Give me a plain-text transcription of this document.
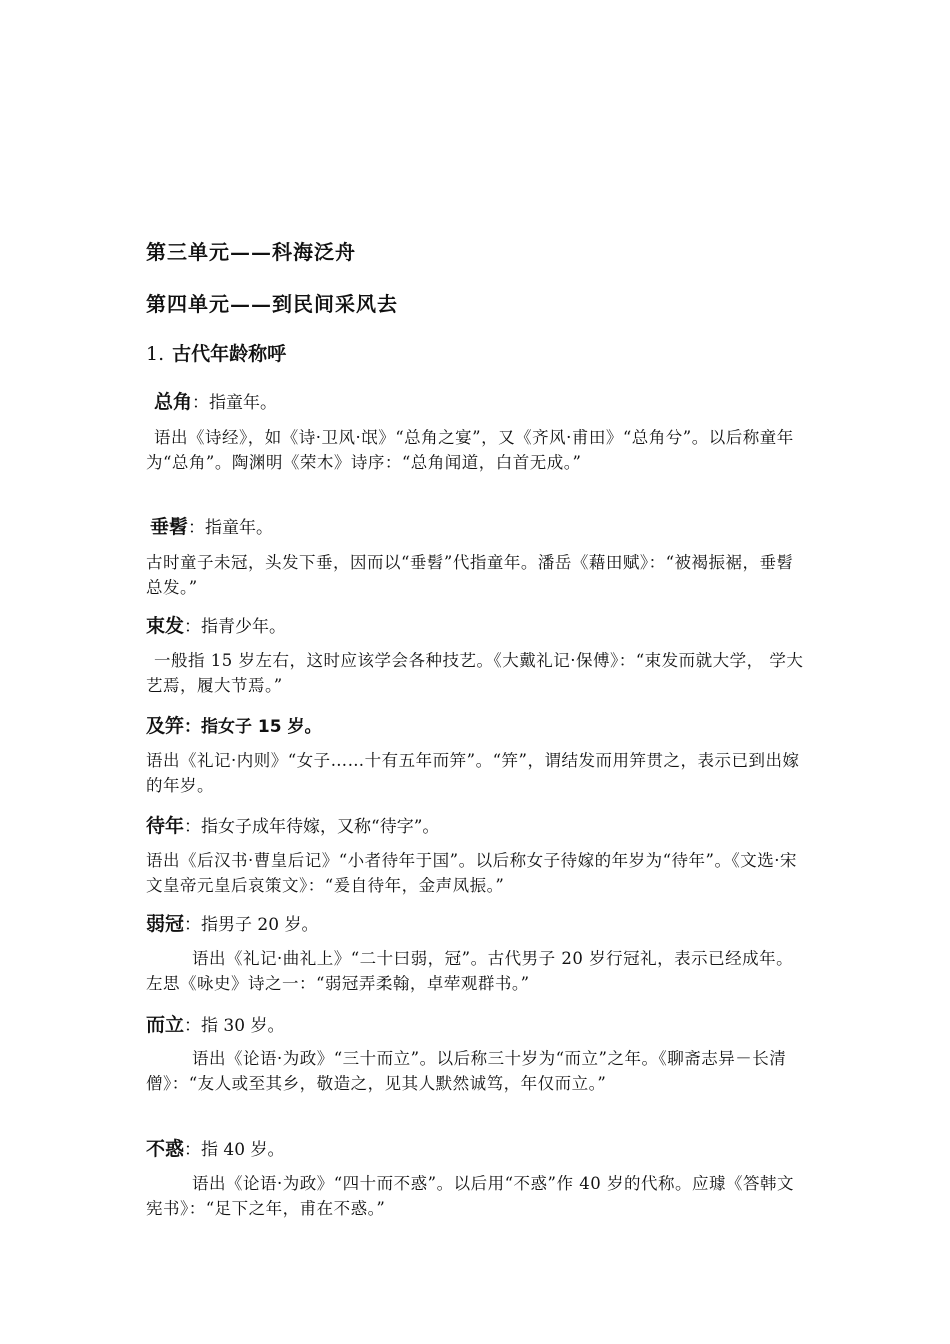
第三单元——科海泛舟
第四单元——到民间采风去
1. 古代年龄称呼
总角：指童年。

语出《诗经》，如《诗·卫风·氓》“总角之宴”，又《齐风·甫田》“总角兮”。以后称童年为“总角”。陶渊明《荣木》诗序：“总角闻道，白首无成。”

垂髫：指童年。

古时童子未冠，头发下垂，因而以“垂髫”代指童年。潘岳《藉田赋》：“被褐振裾，垂髫总发。”

束发：指青少年。

一般指 15 岁左右，这时应该学会各种技艺。《大戴礼记·保傅》：“束发而就大学， 学大艺焉，履大节焉。”

及笄：指女子 15 岁。

语出《礼记·内则》“女子……十有五年而笄”。“笄”，谓结发而用笄贯之，表示已到出嫁的年岁。

待年：指女子成年待嫁，又称“待字”。

语出《后汉书·曹皇后记》“小者待年于国”。以后称女子待嫁的年岁为“待年”。《文选·宋文皇帝元皇后哀策文》：“爰自待年，金声凤振。”

弱冠：指男子 20 岁。

语出《礼记·曲礼上》“二十曰弱，冠”。古代男子 20 岁行冠礼，表示已经成年。左思《咏史》诗之一：“弱冠弄柔翰，卓荦观群书。”

而立：指 30 岁。

语出《论语·为政》“三十而立”。以后称三十岁为“而立”之年。《聊斋志异－长清僧》：“友人或至其乡，敬造之，见其人默然诚笃，年仅而立。”

不惑：指 40 岁。

语出《论语·为政》“四十而不惑”。以后用“不惑”作 40 岁的代称。应璩《答韩文宪书》：“足下之年，甫在不惑。”
